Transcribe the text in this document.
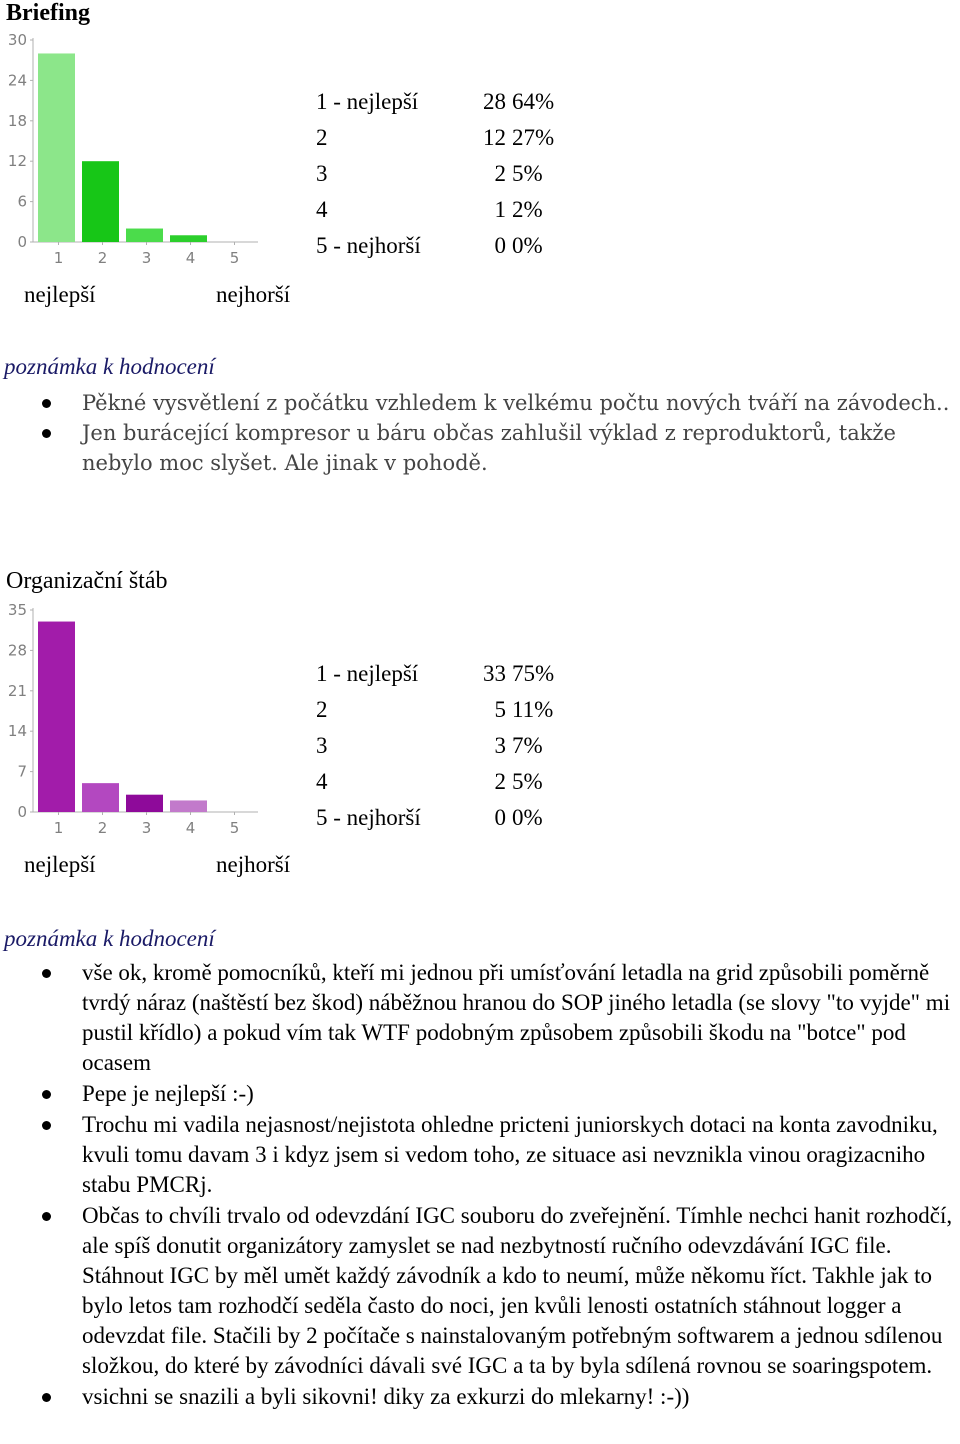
Briefing
0
6
12
18
24
30
1 2 3 4 5
1 - nejlepší	28 64%
2	12 27%
3	2 5%
4	1 2%
5 - nejhorší	0 0%
nejlepší	nejhorší
poznámka k hodnocení
Pěkné vysvětlení z počátku vzhledem k velkému počtu nových tváří na závodech..
Jen burácející kompresor u báru občas zahlušil výklad z reproduktorů, takže nebylo moc slyšet. Ale jinak v pohodě.
Organizační štáb
0
7
14
21
28
35
1 2 3 4 5
1 - nejlepší	33 75%
2	5 11%
3	3 7%
4	2 5%
5 - nejhorší	0 0%
nejlepší	nejhorší
poznámka k hodnocení
vše ok, kromě pomocníků, kteří mi jednou při umísťování letadla na grid způsobili poměrně tvrdý náraz (naštěstí bez škod) náběžnou hranou do SOP jiného letadla (se slovy "to vyjde" mi pustil křídlo) a pokud vím tak WTF podobným způsobem způsobili škodu na "botce" pod ocasem
Pepe je nejlepší :-)
Trochu mi vadila nejasnost/nejistota ohledne pricteni juniorskych dotaci na konta zavodniku, kvuli tomu davam 3 i kdyz jsem si vedom toho, ze situace asi nevznikla vinou oragizacniho stabu PMCRj.
Občas to chvíli trvalo od odevzdání IGC souboru do zveřejnění. Tímhle nechci hanit rozhodčí, ale spíš donutit organizátory zamyslet se nad nezbytností ručního odevzdávání IGC file. Stáhnout IGC by měl umět každý závodník a kdo to neumí, může někomu říct. Takhle jak to bylo letos tam rozhodčí seděla často do noci, jen kvůli lenosti ostatních stáhnout logger a odevzdat file. Stačili by 2 počítače s nainstalovaným potřebným softwarem a jednou sdílenou složkou, do které by závodníci dávali své IGC a ta by byla sdílená rovnou se soaringspotem.
vsichni se snazili a byli sikovni! diky za exkurzi do mlekarny! :-))
